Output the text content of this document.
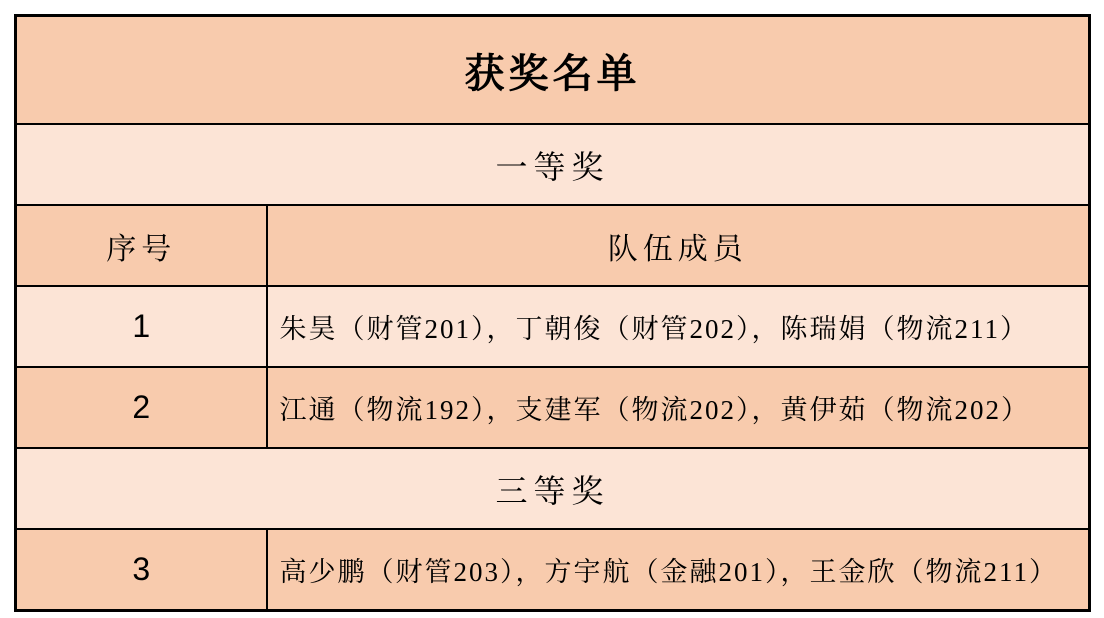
获奖名单	
一等奖	
序号	队伍成员
1	朱昊（财管201），丁朝俊（财管202），陈瑞娟（物流211）
2	江通（物流192），支建军（物流202），黄伊茹（物流202）
三等奖	
3	高少鹏（财管203），方宇航（金融201），王金欣（物流211）
